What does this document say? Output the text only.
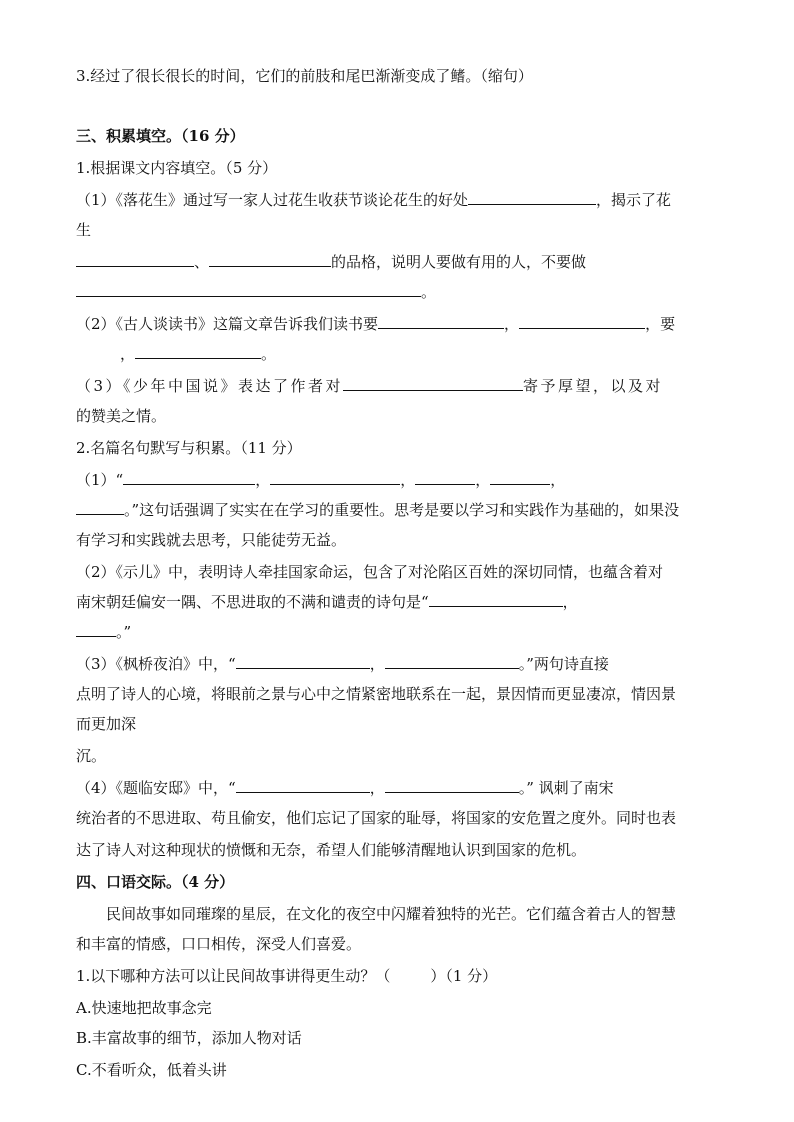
3.经过了很长很长的时间，它们的前肢和尾巴渐渐变成了鳍。（缩句）
三、积累填空。（16 分）
1.根据课文内容填空。（5 分）
（1）《落花生》通过写一家人过花生收获节谈论花生的好处	，揭示了花
生
、	的品格，说明人要做有用的人，不要做
。
（2）《古人谈读书》这篇文章告诉我们读书要	，	，要
，	。
（3）《少年中国说》表达了作者对	寄予厚望，以及对
的赞美之情。
2.名篇名句默写与积累。（11 分）
（1）“	，	，	，	，
。”这句话强调了实实在在学习的重要性。思考是要以学习和实践作为基础的，如果没
有学习和实践就去思考，只能徒劳无益。
（2）《示儿》中，表明诗人牵挂国家命运，包含了对沦陷区百姓的深切同情，也蕴含着对
南宋朝廷偏安一隅、不思进取的不满和谴责的诗句是“	，
。”
（3）《枫桥夜泊》中，“	，	。”两句诗直接
点明了诗人的心境，将眼前之景与心中之情紧密地联系在一起，景因情而更显凄凉，情因景
而更加深
沉。
（4）《题临安邸》中，“	，	。” 讽刺了南宋
统治者的不思进取、苟且偷安，他们忘记了国家的耻辱，将国家的安危置之度外。同时也表
达了诗人对这种现状的愤慨和无奈，希望人们能够清醒地认识到国家的危机。
四、口语交际。（4 分）
民间故事如同璀璨的星辰，在文化的夜空中闪耀着独特的光芒。它们蕴含着古人的智慧
和丰富的情感，口口相传，深受人们喜爱。
1.以下哪种方法可以让民间故事讲得更生动？（	）（1 分）
A.快速地把故事念完
B.丰富故事的细节，添加人物对话
C.不看听众，低着头讲
